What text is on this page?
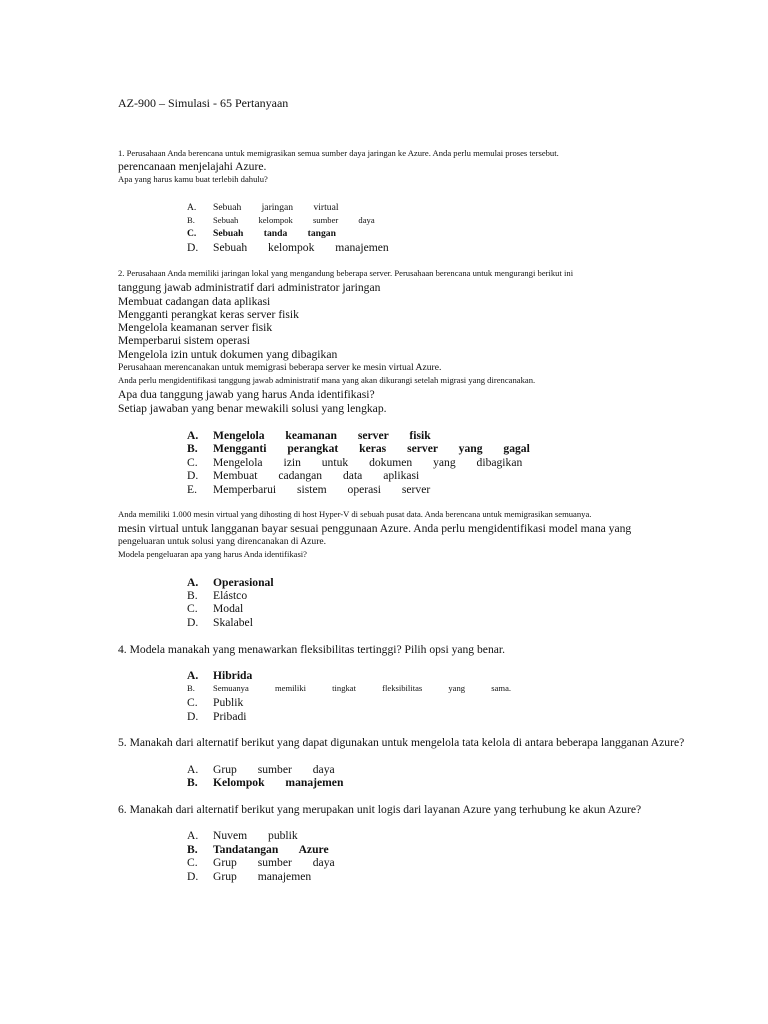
AZ-900 – Simulasi - 65 Pertanyaan
1. Perusahaan Anda berencana untuk memigrasikan semua sumber daya jaringan ke Azure. Anda perlu memulai proses tersebut.
perencanaan menjelajahi Azure.
Apa yang harus kamu buat terlebih dahulu?
A. Sebuah jaringan virtual
B. Sebuah kelompok sumber daya
C. Sebuah tanda tangan
D. Sebuah kelompok manajemen
2. Perusahaan Anda memiliki jaringan lokal yang mengandung beberapa server. Perusahaan berencana untuk mengurangi berikut ini
tanggung jawab administratif dari administrator jaringan
Membuat cadangan data aplikasi
Mengganti perangkat keras server fisik
Mengelola keamanan server fisik
Memperbarui sistem operasi
Mengelola izin untuk dokumen yang dibagikan
Perusahaan merencanakan untuk memigrasi beberapa server ke mesin virtual Azure.
Anda perlu mengidentifikasi tanggung jawab administratif mana yang akan dikurangi setelah migrasi yang direncanakan.
Apa dua tanggung jawab yang harus Anda identifikasi?
Setiap jawaban yang benar mewakili solusi yang lengkap.
A. Mengelola keamanan server fisik
B. Mengganti perangkat keras server yang gagal
C. Mengelola izin untuk dokumen yang dibagikan
D. Membuat cadangan data aplikasi
E. Memperbarui sistem operasi server
Anda memiliki 1.000 mesin virtual yang dihosting di host Hyper-V di sebuah pusat data. Anda berencana untuk memigrasikan semuanya.
mesin virtual untuk langganan bayar sesuai penggunaan Azure. Anda perlu mengidentifikasi model mana yang
pengeluaran untuk solusi yang direncanakan di Azure.
Modela pengeluaran apa yang harus Anda identifikasi?
A. Operasional
B. Elástco
C. Modal
D. Skalabel
4. Modela manakah yang menawarkan fleksibilitas tertinggi? Pilih opsi yang benar.
A. Hibrida
B. Semuanya memiliki tingkat fleksibilitas yang sama.
C. Publik
D. Pribadi
5. Manakah dari alternatif berikut yang dapat digunakan untuk mengelola tata kelola di antara beberapa langganan Azure?
A. Grup sumber daya
B. Kelompok manajemen
6. Manakah dari alternatif berikut yang merupakan unit logis dari layanan Azure yang terhubung ke akun Azure?
A. Nuvem publik
B. Tandatangan Azure
C. Grup sumber daya
D. Grup manajemen
